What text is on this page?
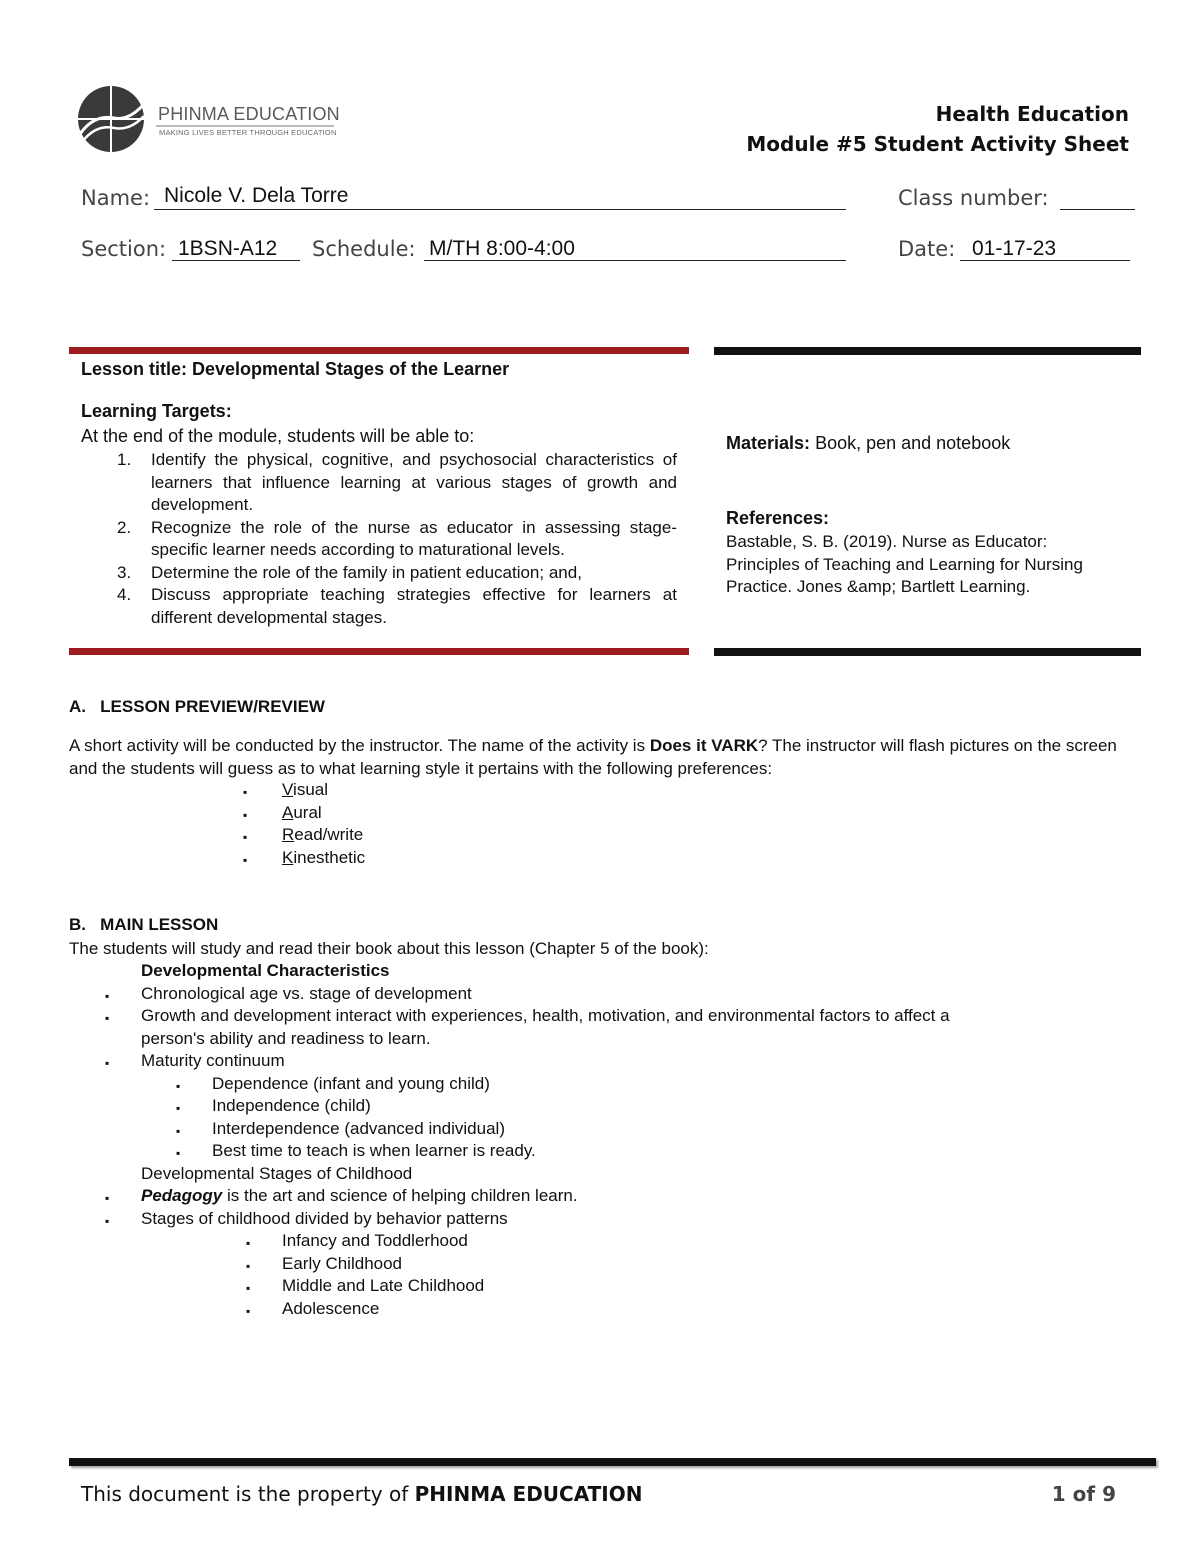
PHINMA EDUCATION
MAKING LIVES BETTER THROUGH EDUCATION
Health Education
Module #5 Student Activity Sheet
Name: Nicole V. Dela Torre	Class number:
Section: 1BSN-A12 Schedule: M/TH 8:00-4:00	Date: 01-17-23
Lesson title: Developmental Stages of the Learner
Learning Targets:
At the end of the module, students will be able to:
1. Identify the physical, cognitive, and psychosocial characteristics of learners that influence learning at various stages of growth and development.
2. Recognize the role of the nurse as educator in assessing stage-specific learner needs according to maturational levels.
3. Determine the role of the family in patient education; and,
4. Discuss appropriate teaching strategies effective for learners at different developmental stages.
Materials: Book, pen and notebook
References:
Bastable, S. B. (2019). Nurse as Educator: Principles of Teaching and Learning for Nursing Practice. Jones &amp; Bartlett Learning.
A.   LESSON PREVIEW/REVIEW
A short activity will be conducted by the instructor. The name of the activity is Does it VARK? The instructor will flash pictures on the screen and the students will guess as to what learning style it pertains with the following preferences:
▪ Visual
▪ Aural
▪ Read/write
▪ Kinesthetic
B.   MAIN LESSON
The students will study and read their book about this lesson (Chapter 5 of the book):
Developmental Characteristics
▪ Chronological age vs. stage of development
▪ Growth and development interact with experiences, health, motivation, and environmental factors to affect a
person's ability and readiness to learn.
▪ Maturity continuum
▪ Dependence (infant and young child)
▪ Independence (child)
▪ Interdependence (advanced individual)
▪ Best time to teach is when learner is ready.
Developmental Stages of Childhood
▪ Pedagogy is the art and science of helping children learn.
▪ Stages of childhood divided by behavior patterns
▪ Infancy and Toddlerhood
▪ Early Childhood
▪ Middle and Late Childhood
▪ Adolescence
This document is the property of PHINMA EDUCATION	1 of 9
